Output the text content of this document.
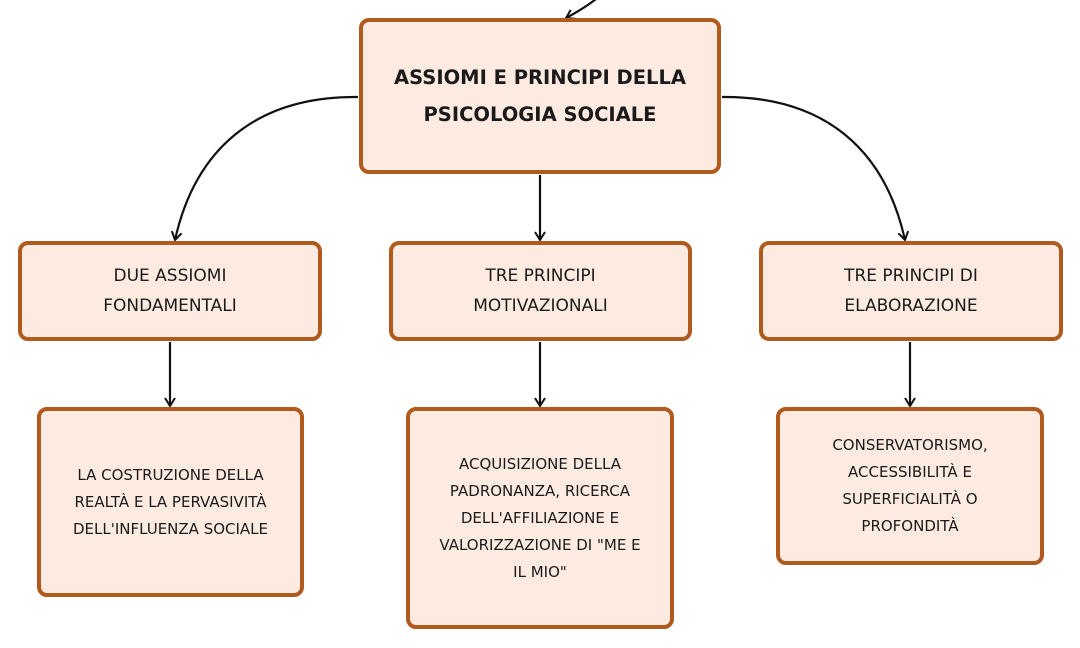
ASSIOMI E PRINCIPI DELLA
PSICOLOGIA SOCIALE
DUE ASSIOMI
FONDAMENTALI
TRE PRINCIPI
MOTIVAZIONALI
TRE PRINCIPI DI
ELABORAZIONE
LA COSTRUZIONE DELLA
REALTÀ E LA PERVASIVITÀ
DELL'INFLUENZA SOCIALE
ACQUISIZIONE DELLA
PADRONANZA, RICERCA
DELL'AFFILIAZIONE E
VALORIZZAZIONE DI "ME E
IL MIO"
CONSERVATORISMO,
ACCESSIBILITÀ E
SUPERFICIALITÀ O
PROFONDITÀ
